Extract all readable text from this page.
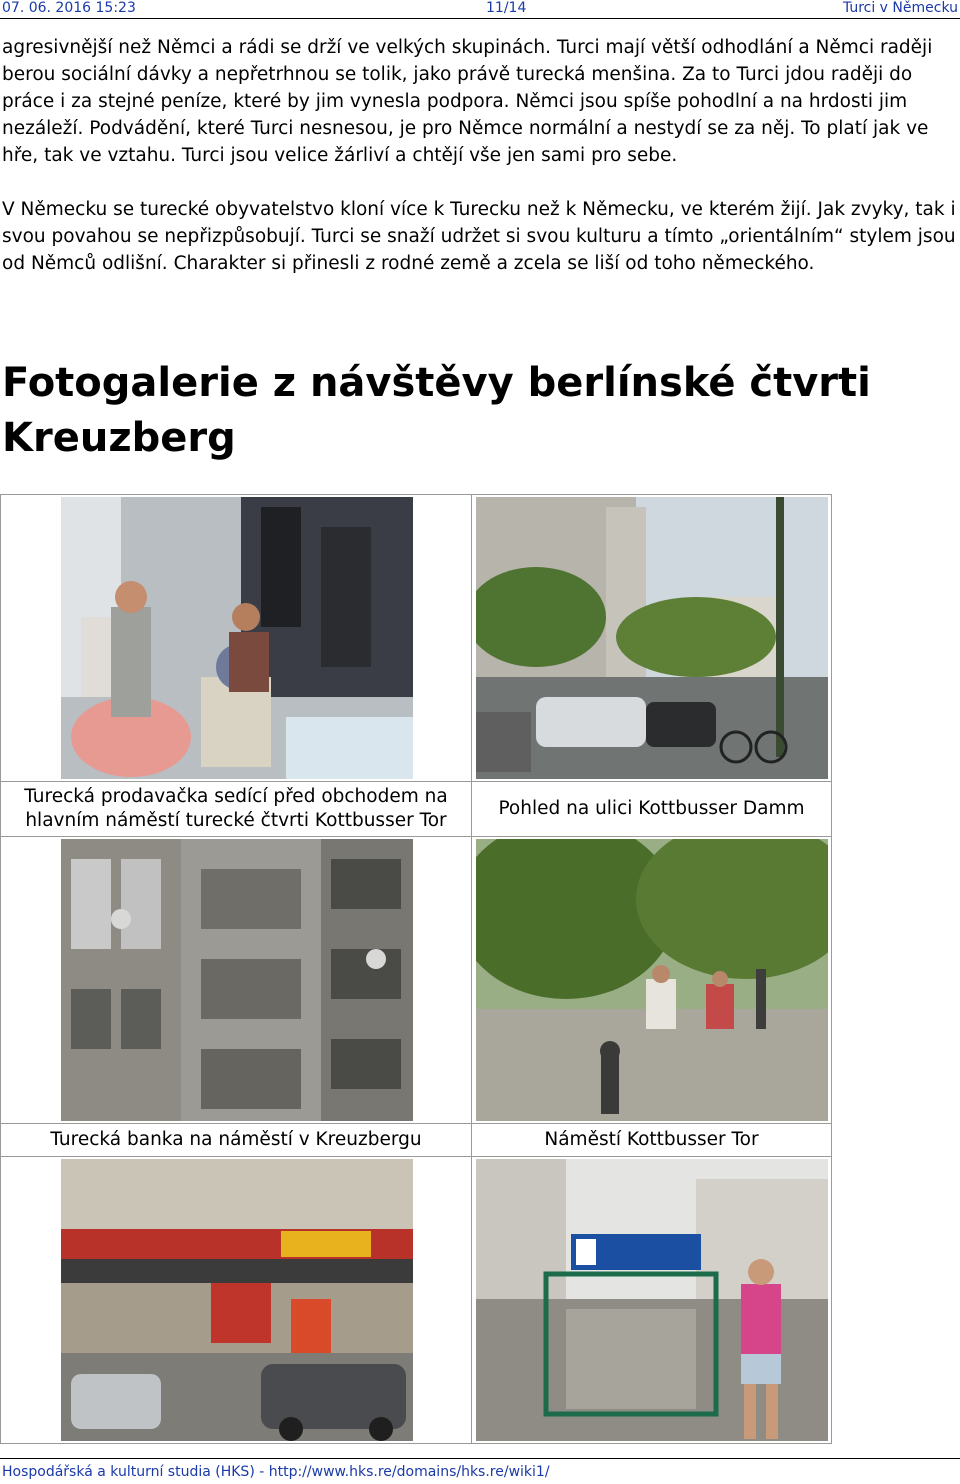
07. 06. 2016 15:23	11/14	Turci v Německu

agresivnější než Němci a rádi se drží ve velkých skupinách. Turci mají větší odhodlání a Němci raději berou sociální dávky a nepřetrhnou se tolik, jako právě turecká menšina. Za to Turci jdou raději do práce i za stejné peníze, které by jim vynesla podpora. Němci jsou spíše pohodlní a na hrdosti jim nezáleží. Podvádění, které Turci nesnesou, je pro Němce normální a nestydí se za něj. To platí jak ve hře, tak ve vztahu. Turci jsou velice žárliví a chtějí vše jen sami pro sebe.

V Německu se turecké obyvatelstvo kloní více k Turecku než k Německu, ve kterém žijí. Jak zvyky, tak i svou povahou se nepřizpůsobují. Turci se snaží udržet si svou kulturu a tímto „orientálním“ stylem jsou od Němců odlišní. Charakter si přinesli z rodné země a zcela se liší od toho německého.

Fotogalerie z návštěvy berlínské čtvrti Kreuzberg

Turecká prodavačka sedící před obchodem na hlavním náměstí turecké čtvrti Kottbusser Tor	Pohled na ulici Kottbusser Damm

Turecká banka na náměstí v Kreuzbergu	Náměstí Kottbusser Tor

Hospodářská a kulturní studia (HKS) - http://www.hks.re/domains/hks.re/wiki1/
